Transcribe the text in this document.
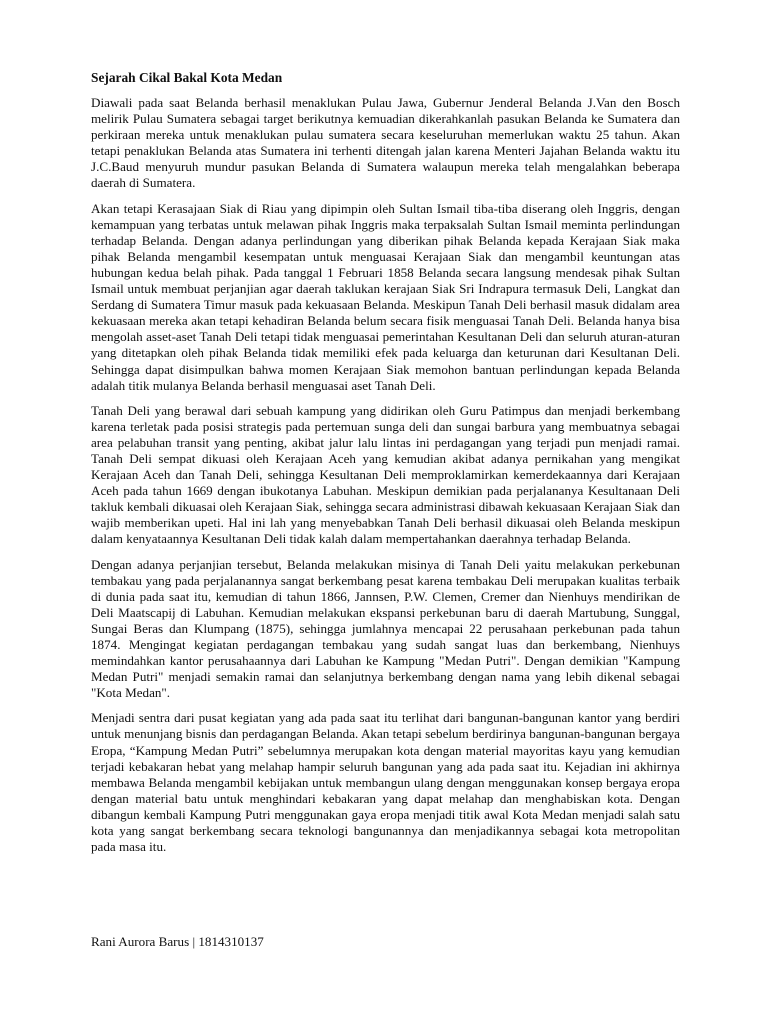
Sejarah Cikal Bakal Kota Medan

Diawali pada saat Belanda berhasil menaklukan Pulau Jawa, Gubernur Jenderal Belanda J.Van den Bosch melirik Pulau Sumatera sebagai target berikutnya kemuadian dikerahkanlah pasukan Belanda ke Sumatera dan perkiraan mereka untuk menaklukan pulau sumatera secara keseluruhan memerlukan waktu 25 tahun. Akan tetapi penaklukan Belanda atas Sumatera ini terhenti ditengah jalan karena Menteri Jajahan Belanda waktu itu J.C.Baud menyuruh mundur pasukan Belanda di Sumatera walaupun mereka telah mengalahkan beberapa daerah di Sumatera.

Akan tetapi Kerasajaan Siak di Riau yang dipimpin oleh Sultan Ismail tiba-tiba diserang oleh Inggris, dengan kemampuan yang terbatas untuk melawan pihak Inggris maka terpaksalah Sultan Ismail meminta perlindungan terhadap Belanda. Dengan adanya perlindungan yang diberikan pihak Belanda kepada Kerajaan Siak maka pihak Belanda mengambil kesempatan untuk menguasai Kerajaan Siak dan mengambil keuntungan atas hubungan kedua belah pihak. Pada tanggal 1 Februari 1858 Belanda secara langsung mendesak pihak Sultan Ismail untuk membuat perjanjian agar daerah taklukan kerajaan Siak Sri Indrapura termasuk Deli, Langkat dan Serdang di Sumatera Timur masuk pada kekuasaan Belanda. Meskipun Tanah Deli berhasil masuk didalam area kekuasaan mereka akan tetapi kehadiran Belanda belum secara fisik menguasai Tanah Deli. Belanda hanya bisa mengolah asset-aset Tanah Deli tetapi tidak menguasai pemerintahan Kesultanan Deli dan seluruh aturan-aturan yang ditetapkan oleh pihak Belanda tidak memiliki efek pada keluarga dan keturunan dari Kesultanan Deli. Sehingga dapat disimpulkan bahwa momen Kerajaan Siak memohon bantuan perlindungan kepada Belanda adalah titik mulanya Belanda berhasil menguasai aset Tanah Deli.

Tanah Deli yang berawal dari sebuah kampung yang didirikan oleh Guru Patimpus dan menjadi berkembang karena terletak pada posisi strategis pada pertemuan sunga deli dan sungai barbura yang membuatnya sebagai area pelabuhan transit yang penting, akibat jalur lalu lintas ini perdagangan yang terjadi pun menjadi ramai. Tanah Deli sempat dikuasi oleh Kerajaan Aceh yang kemudian akibat adanya pernikahan yang mengikat Kerajaan Aceh dan Tanah Deli, sehingga Kesultanan Deli memproklamirkan kemerdekaannya dari Kerajaan Aceh pada tahun 1669 dengan ibukotanya Labuhan. Meskipun demikian pada perjalananya Kesultanaan Deli takluk kembali dikuasai oleh Kerajaan Siak, sehingga secara administrasi dibawah kekuasaan Kerajaan Siak dan wajib memberikan upeti. Hal ini lah yang menyebabkan Tanah Deli berhasil dikuasai oleh Belanda meskipun dalam kenyataannya Kesultanan Deli tidak kalah dalam mempertahankan daerahnya terhadap Belanda.

Dengan adanya perjanjian tersebut, Belanda melakukan misinya di Tanah Deli yaitu melakukan perkebunan tembakau yang pada perjalanannya sangat berkembang pesat karena tembakau Deli merupakan kualitas terbaik di dunia pada saat itu, kemudian di tahun 1866, Jannsen, P.W. Clemen, Cremer dan Nienhuys mendirikan de Deli Maatscapij di Labuhan. Kemudian melakukan ekspansi perkebunan baru di daerah Martubung, Sunggal, Sungai Beras dan Klumpang (1875), sehingga jumlahnya mencapai 22 perusahaan perkebunan pada tahun 1874. Mengingat kegiatan perdagangan tembakau yang sudah sangat luas dan berkembang, Nienhuys memindahkan kantor perusahaannya dari Labuhan ke Kampung "Medan Putri". Dengan demikian "Kampung Medan Putri" menjadi semakin ramai dan selanjutnya berkembang dengan nama yang lebih dikenal sebagai "Kota Medan".

Menjadi sentra dari pusat kegiatan yang ada pada saat itu terlihat dari bangunan-bangunan kantor yang berdiri untuk menunjang bisnis dan perdagangan Belanda. Akan tetapi sebelum berdirinya bangunan-bangunan bergaya Eropa, “Kampung Medan Putri” sebelumnya merupakan kota dengan material mayoritas kayu yang kemudian terjadi kebakaran hebat yang melahap hampir seluruh bangunan yang ada pada saat itu. Kejadian ini akhirnya membawa Belanda mengambil kebijakan untuk membangun ulang dengan menggunakan konsep bergaya eropa dengan material batu untuk menghindari kebakaran yang dapat melahap dan menghabiskan kota. Dengan dibangun kembali Kampung Putri menggunakan gaya eropa menjadi titik awal Kota Medan menjadi salah satu kota yang sangat berkembang secara teknologi bangunannya dan menjadikannya sebagai kota metropolitan pada masa itu.

Rani Aurora Barus | 1814310137
